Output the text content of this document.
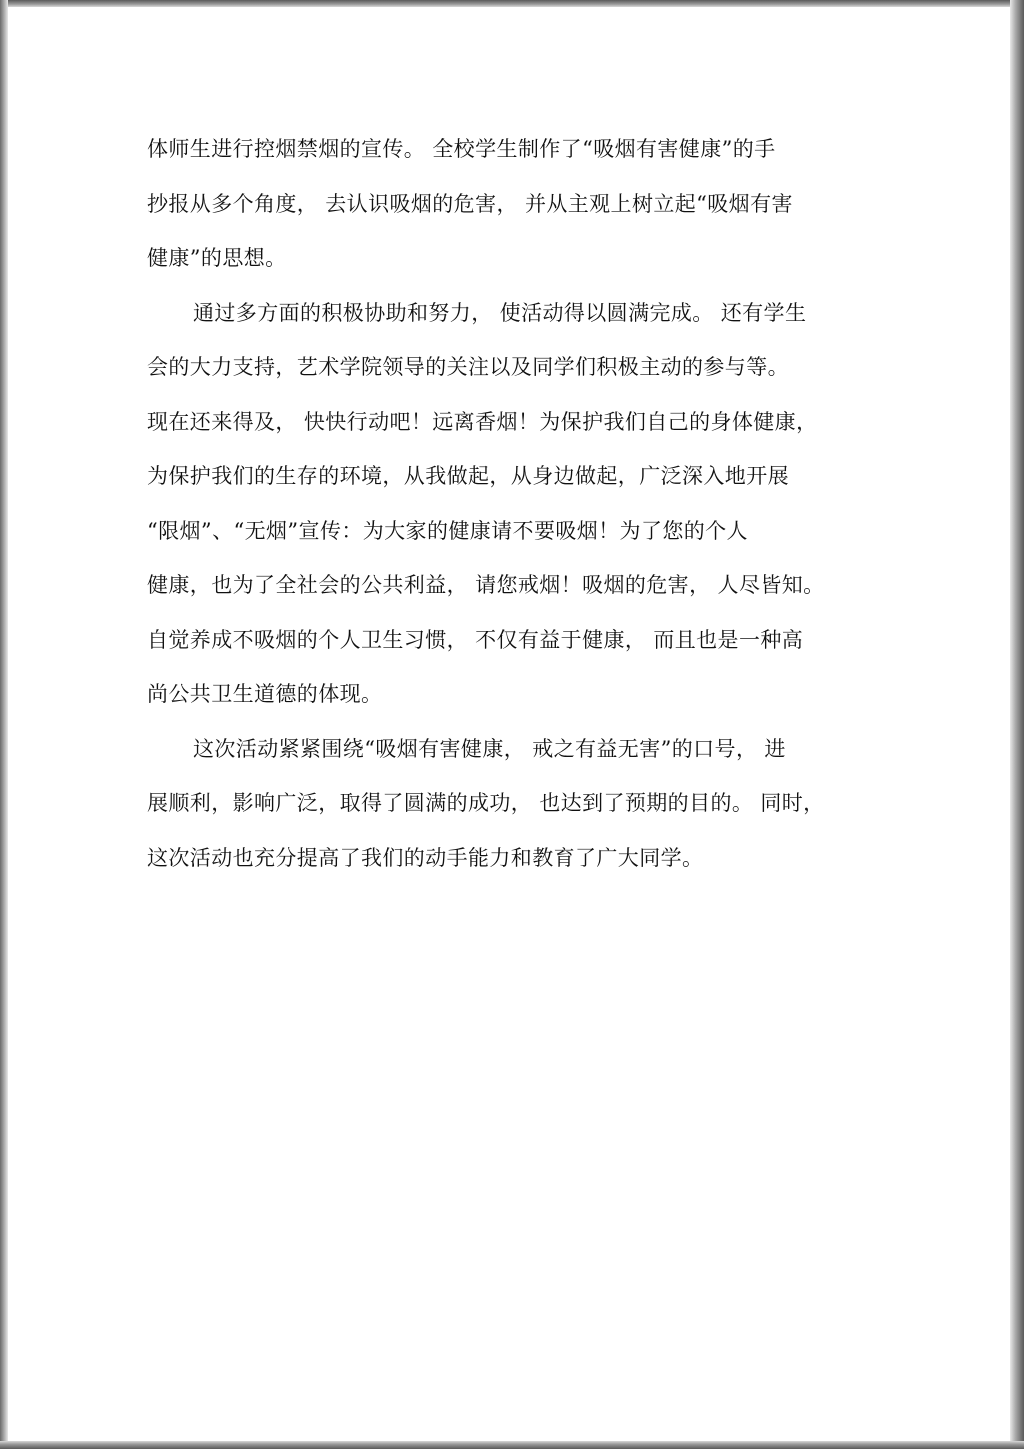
体师生进行控烟禁烟的宣传。 全校学生制作了“吸烟有害健康”的手
抄报从多个角度， 去认识吸烟的危害， 并从主观上树立起“吸烟有害
健康”的思想。
通过多方面的积极协助和努力， 使活动得以圆满完成。 还有学生
会的大力支持，艺术学院领导的关注以及同学们积极主动的参与等。
现在还来得及， 快快行动吧！远离香烟！为保护我们自己的身体健康，
为保护我们的生存的环境，从我做起，从身边做起，广泛深入地开展
“限烟”、“无烟”宣传：为大家的健康请不要吸烟！为了您的个人
健康，也为了全社会的公共利益， 请您戒烟！吸烟的危害， 人尽皆知。
自觉养成不吸烟的个人卫生习惯， 不仅有益于健康， 而且也是一种高
尚公共卫生道德的体现。
这次活动紧紧围绕“吸烟有害健康， 戒之有益无害”的口号， 进
展顺利，影响广泛，取得了圆满的成功， 也达到了预期的目的。 同时，
这次活动也充分提高了我们的动手能力和教育了广大同学。
